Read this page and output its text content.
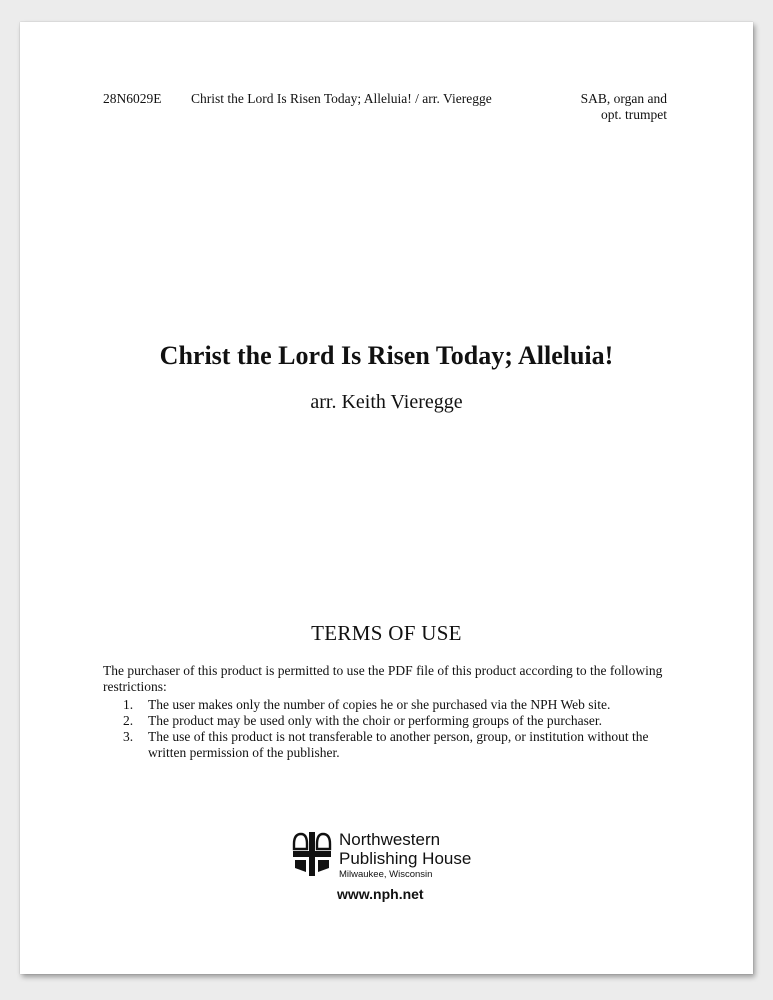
28N6029E Christ the Lord Is Risen Today; Alleluia! / arr. Vieregge	SAB, organ and
opt. trumpet
Christ the Lord Is Risen Today; Alleluia!
arr. Keith Vieregge
TERMS OF USE
The purchaser of this product is permitted to use the PDF file of this product according to the following restrictions:
1. The user makes only the number of copies he or she purchased via the NPH Web site.
2. The product may be used only with the choir or performing groups of the purchaser.
3. The use of this product is not transferable to another person, group, or institution without the written permission of the publisher.
Northwestern
Publishing House
Milwaukee, Wisconsin
www.nph.net
